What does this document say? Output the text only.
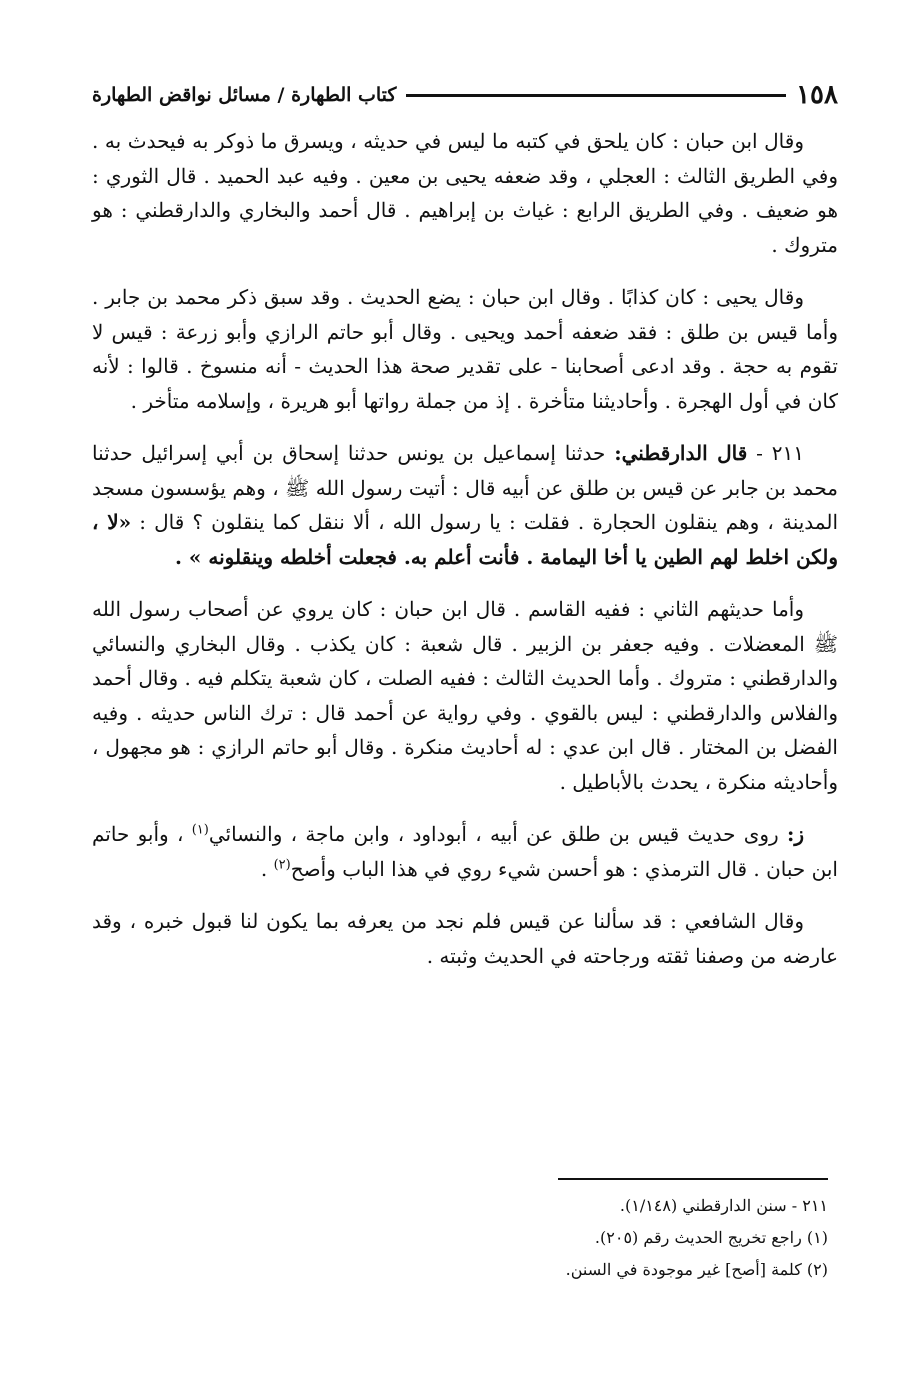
١٥٨
كتاب الطهارة / مسائل نواقض الطهارة

وقال ابن حبان : كان يلحق في كتبه ما ليس في حديثه ، ويسرق ما ذوكر به فيحدث به . وفي الطريق الثالث : العجلي ، وقد ضعفه يحيى بن معين . وفيه عبد الحميد . قال الثوري : هو ضعيف . وفي الطريق الرابع : غياث بن إبراهيم . قال أحمد والبخاري والدارقطني : هو متروك .

وقال يحيى : كان كذابًا . وقال ابن حبان : يضع الحديث . وقد سبق ذكر محمد بن جابر . وأما قيس بن طلق : فقد ضعفه أحمد ويحيى . وقال أبو حاتم الرازي وأبو زرعة : قيس لا تقوم به حجة . وقد ادعى أصحابنا - على تقدير صحة هذا الحديث - أنه منسوخ . قالوا : لأنه كان في أول الهجرة . وأحاديثنا متأخرة . إذ من جملة رواتها أبو هريرة ، وإسلامه متأخر .

٢١١ - قال الدارقطني: حدثنا إسماعيل بن يونس حدثنا إسحاق بن أبي إسرائيل حدثنا محمد بن جابر عن قيس بن طلق عن أبيه قال : أتيت رسول الله ﷺ ، وهم يؤسسون مسجد المدينة ، وهم ينقلون الحجارة . فقلت : يا رسول الله ، ألا ننقل كما ينقلون ؟ قال : «لا ، ولكن اخلط لهم الطين يا أخا اليمامة . فأنت أعلم به. فجعلت أخلطه وينقلونه » .

وأما حديثهم الثاني : ففيه القاسم . قال ابن حبان : كان يروي عن أصحاب رسول الله ﷺ المعضلات . وفيه جعفر بن الزبير . قال شعبة : كان يكذب . وقال البخاري والنسائي والدارقطني : متروك . وأما الحديث الثالث : ففيه الصلت ، كان شعبة يتكلم فيه . وقال أحمد والفلاس والدارقطني : ليس بالقوي . وفي رواية عن أحمد قال : ترك الناس حديثه . وفيه الفضل بن المختار . قال ابن عدي : له أحاديث منكرة . وقال أبو حاتم الرازي : هو مجهول ، وأحاديثه منكرة ، يحدث بالأباطيل .

ز: روى حديث قيس بن طلق عن أبيه ، أبوداود ، وابن ماجة ، والنسائي$^{(١)}$ ، وأبو حاتم ابن حبان . قال الترمذي : هو أحسن شيء روي في هذا الباب وأصح$^{(٢)}$ .

وقال الشافعي : قد سألنا عن قيس فلم نجد من يعرفه بما يكون لنا قبول خبره ، وقد عارضه من وصفنا ثقته ورجاحته في الحديث وثبته .

٢١١ - سنن الدارقطني (١/١٤٨).

(١) راجع تخريج الحديث رقم (٢٠٥).

(٢) كلمة [أصح] غير موجودة في السنن.
